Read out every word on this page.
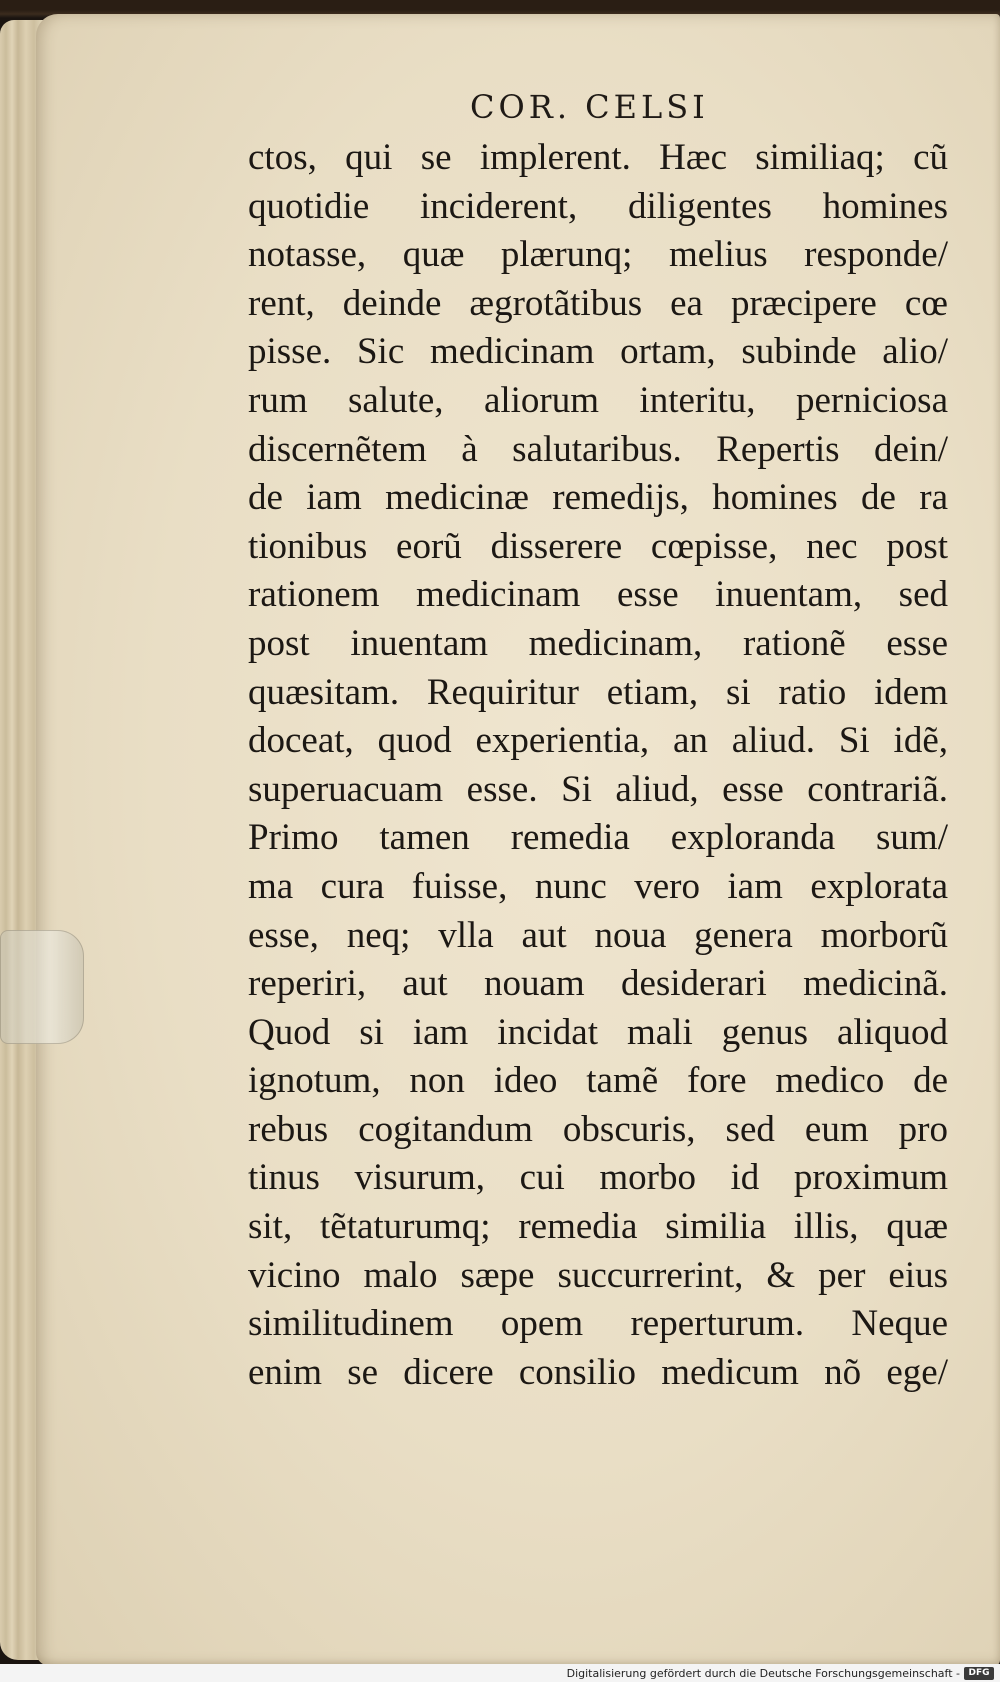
COR. CELSI
ctos, qui se implerent. Hæc similiaq; cũ
quotidie inciderent, diligentes homines
notasse, quæ plærunq; melius responde/
rent, deinde ægrotãtibus ea præcipere cœ
pisse. Sic medicinam ortam, subinde alio/
rum salute, aliorum interitu, perniciosa
discernẽtem à salutaribus. Repertis dein/
de iam medicinæ remedijs, homines de ra
tionibus eorũ disserere cœpisse, nec post
rationem medicinam esse inuentam, sed
post inuentam medicinam, rationẽ esse
quæsitam. Requiritur etiam, si ratio idem
doceat, quod experientia, an aliud. Si idẽ,
superuacuam esse. Si aliud, esse contrariã.
Primo tamen remedia exploranda sum/
ma cura fuisse, nunc vero iam explorata
esse, neq; vlla aut noua genera morborũ
reperiri, aut nouam desiderari medicinã.
Quod si iam incidat mali genus aliquod
ignotum, non ideo tamẽ fore medico de
rebus cogitandum obscuris, sed eum pro
tinus visurum, cui morbo id proximum
sit, tẽtaturumq; remedia similia illis, quæ
vicino malo sæpe succurrerint, & per eius
similitudinem opem reperturum. Neque
enim se dicere consilio medicum nõ ege/
Digitalisierung gefördert durch die Deutsche Forschungsgemeinschaft - DFG
